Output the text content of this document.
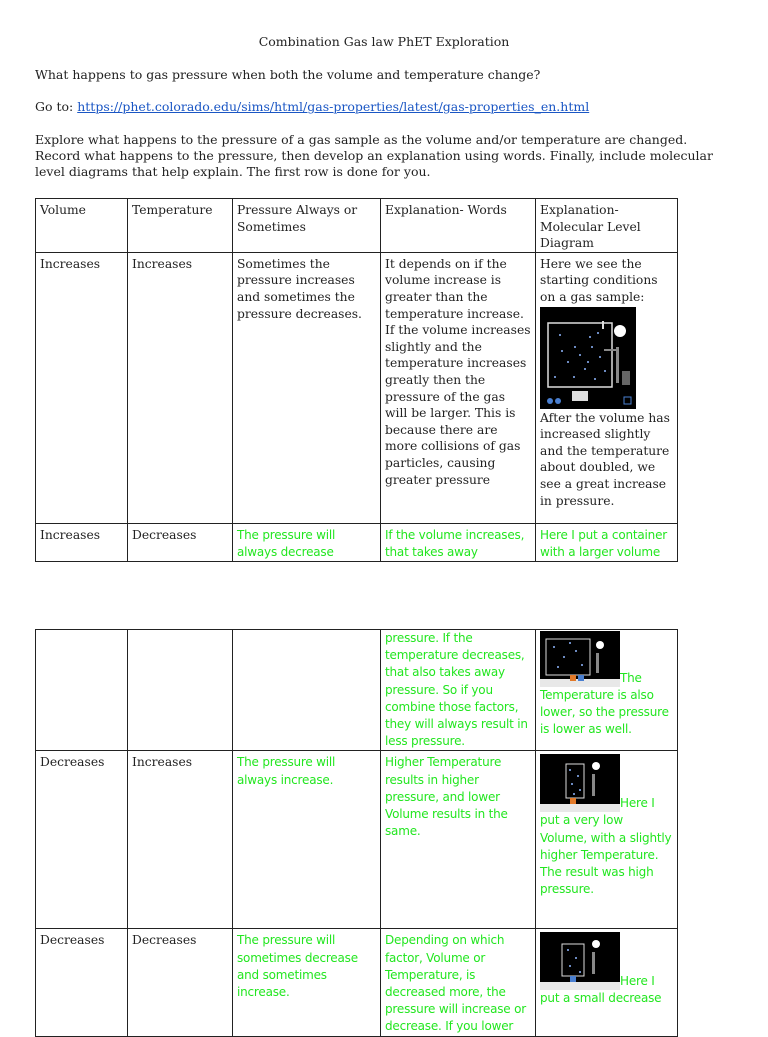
Combination Gas law PhET Exploration
What happens to gas pressure when both the volume and temperature change?
Go to: https://phet.colorado.edu/sims/html/gas-properties/latest/gas-properties_en.html
Explore what happens to the pressure of a gas sample as the volume and/or temperature are changed. Record what happens to the pressure, then develop an explanation using words. Finally, include molecular level diagrams that help explain. The first row is done for you.
Volume	Temperature	Pressure Always or Sometimes	Explanation- Words	Explanation- Molecular Level Diagram
Increases	Increases	Sometimes the pressure increases and sometimes the pressure decreases.	It depends on if the volume increase is greater than the temperature increase. If the volume increases slightly and the temperature increases greatly then the pressure of the gas will be larger. This is because there are more collisions of gas particles, causing greater pressure	Here we see the starting conditions on a gas sample:
After the volume has increased slightly and the temperature about doubled, we see a great increase in pressure.

Increases	Decreases	The pressure will always decrease	If the volume increases, that takes away	Here I put a container with a larger volume
			pressure. If the temperature decreases, that also takes away pressure. So if you combine those factors, they will always result in less pressure.	The Temperature is also lower, so the pressure is lower as well.
Decreases	Increases	The pressure will always increase.	Higher Temperature results in higher pressure, and lower Volume results in the same.	Here I put a very low Volume, with a slightly higher Temperature. The result was high pressure.
Decreases	Decreases	The pressure will sometimes decrease and sometimes increase.	Depending on which factor, Volume or Temperature, is decreased more, the pressure will increase or decrease. If you lower	Here I put a small decrease
